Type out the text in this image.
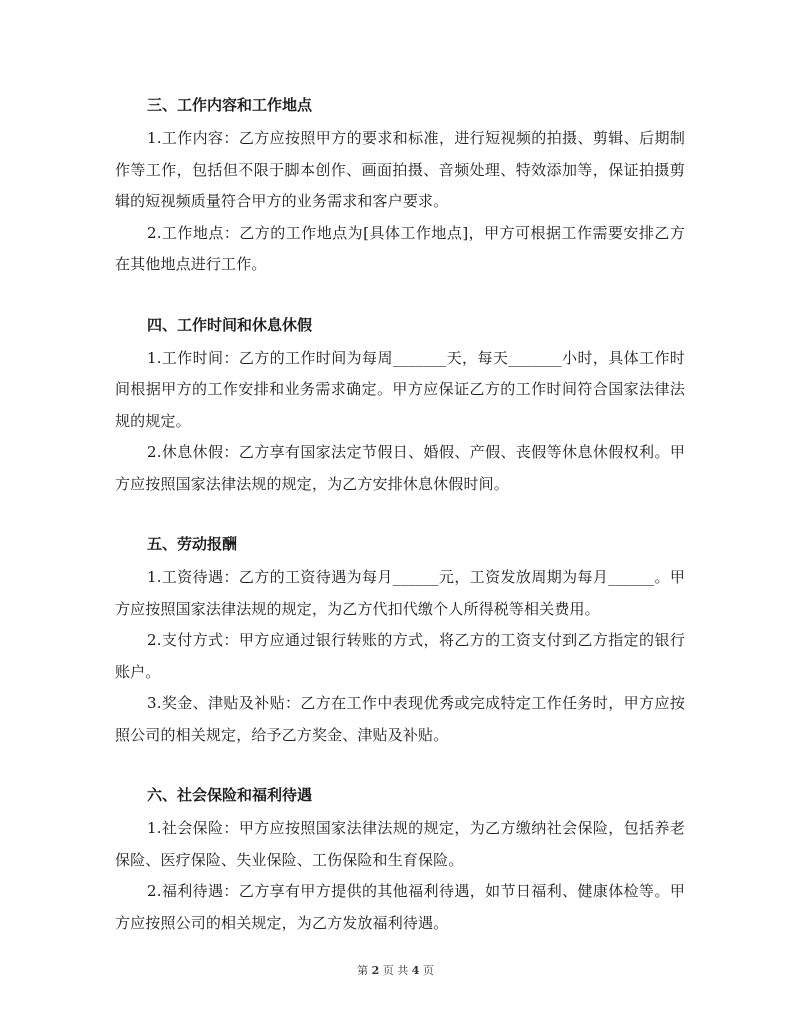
三、工作内容和工作地点

1.工作内容：乙方应按照甲方的要求和标准，进行短视频的拍摄、剪辑、后期制作等工作，包括但不限于脚本创作、画面拍摄、音频处理、特效添加等，保证拍摄剪辑的短视频质量符合甲方的业务需求和客户要求。

2.工作地点：乙方的工作地点为[具体工作地点]，甲方可根据工作需要安排乙方在其他地点进行工作。

四、工作时间和休息休假

1.工作时间：乙方的工作时间为每周_______天，每天_______小时，具体工作时间根据甲方的工作安排和业务需求确定。甲方应保证乙方的工作时间符合国家法律法规的规定。

2.休息休假：乙方享有国家法定节假日、婚假、产假、丧假等休息休假权利。甲方应按照国家法律法规的规定，为乙方安排休息休假时间。

五、劳动报酬

1.工资待遇：乙方的工资待遇为每月______元，工资发放周期为每月______。甲方应按照国家法律法规的规定，为乙方代扣代缴个人所得税等相关费用。

2.支付方式：甲方应通过银行转账的方式，将乙方的工资支付到乙方指定的银行账户。

3.奖金、津贴及补贴：乙方在工作中表现优秀或完成特定工作任务时，甲方应按照公司的相关规定，给予乙方奖金、津贴及补贴。

六、社会保险和福利待遇

1.社会保险：甲方应按照国家法律法规的规定，为乙方缴纳社会保险，包括养老保险、医疗保险、失业保险、工伤保险和生育保险。

2.福利待遇：乙方享有甲方提供的其他福利待遇，如节日福利、健康体检等。甲方应按照公司的相关规定，为乙方发放福利待遇。

第 2 页 共 4 页
